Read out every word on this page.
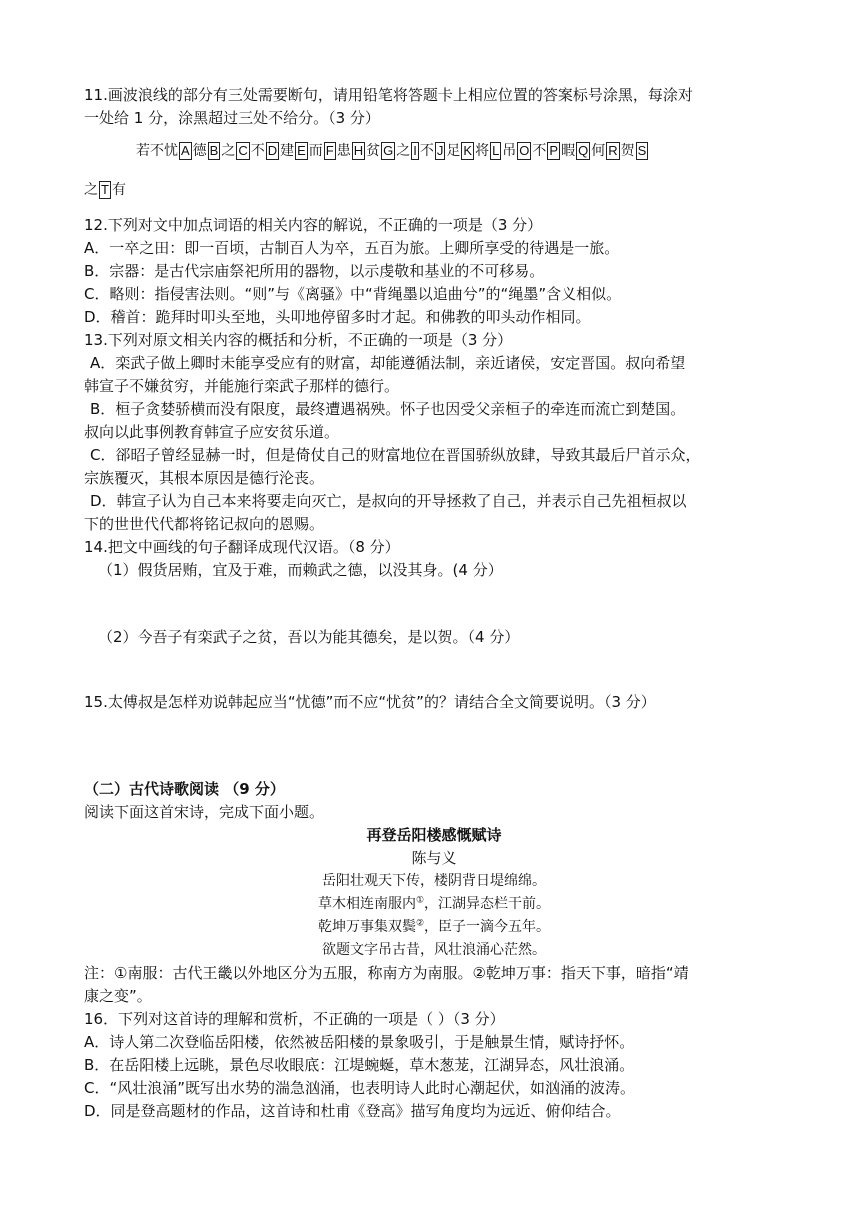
11.画波浪线的部分有三处需要断句，请用铅笔将答题卡上相应位置的答案标号涂黑，每涂对

一处给 1 分，涂黑超过三处不给分。（3 分）

若不忧 A 德 B 之 C 不 D 建 E 而 F 患 H 贫 G 之 I 不 J 足 K 将 L 吊 O 不 P 暇 Q 何 R 贺 S
之 T 有

12.下列对文中加点词语的相关内容的解说，不正确的一项是（3 分）

A．一卒之田：即一百顷，古制百人为卒，五百为旅。上卿所享受的待遇是一旅。

B．宗器：是古代宗庙祭祀所用的器物，以示虔敬和基业的不可移易。

C．略则：指侵害法则。“则”与《离骚》中“背绳墨以追曲兮”的“绳墨”含义相似。

D．稽首：跪拜时叩头至地，头叩地停留多时才起。和佛教的叩头动作相同。

13.下列对原文相关内容的概括和分析，不正确的一项是（3 分）

A．栾武子做上卿时未能享受应有的财富，却能遵循法制，亲近诸侯，安定晋国。叔向希望

韩宣子不嫌贫穷，并能施行栾武子那样的德行。

B．桓子贪婪骄横而没有限度，最终遭遇祸殃。怀子也因受父亲桓子的牵连而流亡到楚国。

叔向以此事例教育韩宣子应安贫乐道。

C．郤昭子曾经显赫一时，但是倚仗自己的财富地位在晋国骄纵放肆，导致其最后尸首示众，

宗族覆灭，其根本原因是德行沦丧。

D．韩宣子认为自己本来将要走向灭亡，是叔向的开导拯救了自己，并表示自己先祖桓叔以

下的世世代代都将铭记叔向的恩赐。

14.把文中画线的句子翻译成现代汉语。（8 分）

（1）假货居贿，宜及于难，而赖武之德，以没其身。(4 分）

（2）今吾子有栾武子之贫，吾以为能其德矣，是以贺。（4 分）

15.太傅叔是怎样劝说韩起应当“忧德”而不应“忧贫”的？请结合全文简要说明。（3 分）

（二）古代诗歌阅读 （9 分）

阅读下面这首宋诗，完成下面小题。

再登岳阳楼感慨赋诗

陈与义

岳阳壮观天下传，楼阴背日堤绵绵。
草木相连南服内①，江湖异态栏干前。
乾坤万事集双鬓②，臣子一滴今五年。
欲题文字吊古昔，风壮浪涌心茫然。

注：①南服：古代王畿以外地区分为五服，称南方为南服。②乾坤万事：指天下事，暗指“靖

康之变”。

16．下列对这首诗的理解和赏析，不正确的一项是（ ）（3 分）

A．诗人第二次登临岳阳楼，依然被岳阳楼的景象吸引，于是触景生情，赋诗抒怀。

B．在岳阳楼上远眺，景色尽收眼底：江堤蜿蜒，草木葱茏，江湖异态，风壮浪涌。

C．“风壮浪涌”既写出水势的湍急汹涌，也表明诗人此时心潮起伏，如汹涌的波涛。

D．同是登高题材的作品，这首诗和杜甫《登高》描写角度均为远近、俯仰结合。
